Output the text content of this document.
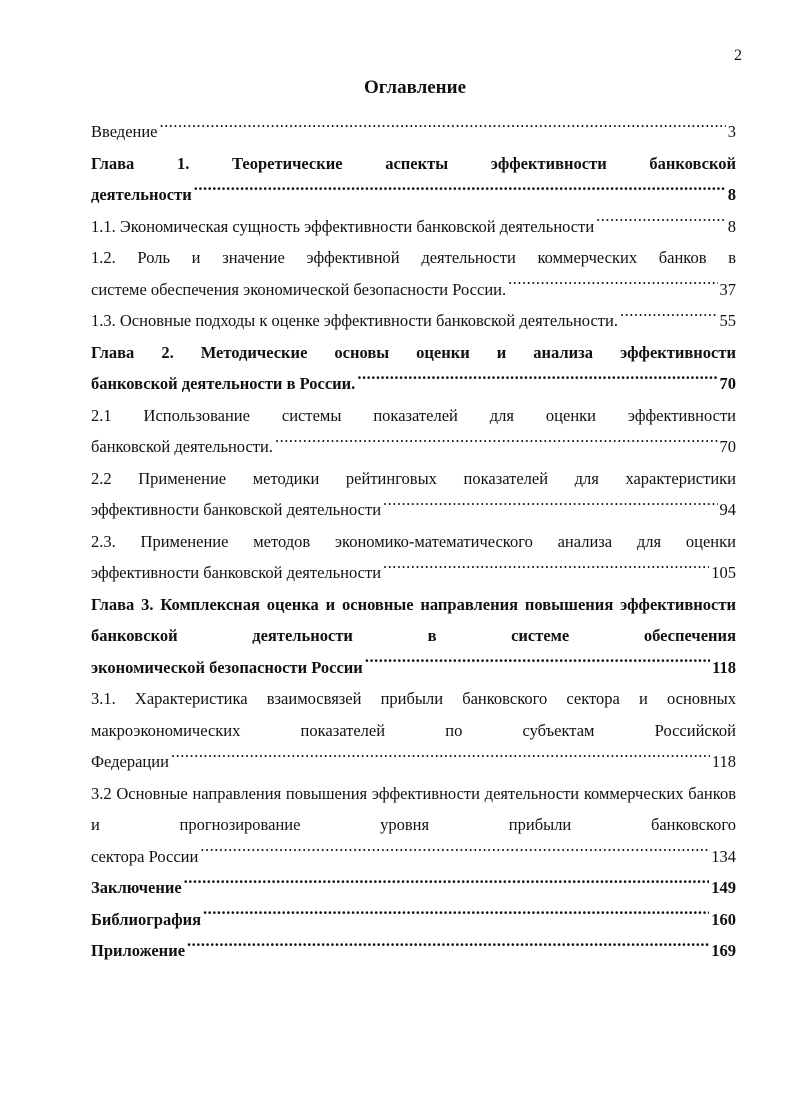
2
Оглавление
Введение .....	3
Глава 1. Теоретические аспекты эффективности банковской
деятельности .....	8
1.1. Экономическая сущность эффективности банковской деятельности .....	8
1.2. Роль и значение эффективной деятельности коммерческих банков в
системе обеспечения экономической безопасности России. .....	37
1.3. Основные подходы к оценке эффективности банковской деятельности. .....	55
Глава 2. Методические основы оценки и анализа эффективности
банковской деятельности в России. .....	70
2.1 Использование системы показателей для оценки эффективности
банковской деятельности. .....	70
2.2 Применение методики рейтинговых показателей для характеристики
эффективности банковской деятельности .....	94
2.3. Применение методов экономико-математического анализа для оценки
эффективности банковской деятельности .....	105
Глава 3. Комплексная оценка и основные направления повышения эффективности банковской деятельности в системе обеспечения
экономической безопасности России .....	118
3.1. Характеристика взаимосвязей прибыли банковского сектора и основных макроэкономических показателей по субъектам Российской
Федерации .....	118
3.2 Основные направления повышения эффективности деятельности коммерческих банков и прогнозирование уровня прибыли банковского
сектора России .....	134
Заключение .....	149
Библиография .....	160
Приложение .....	169
